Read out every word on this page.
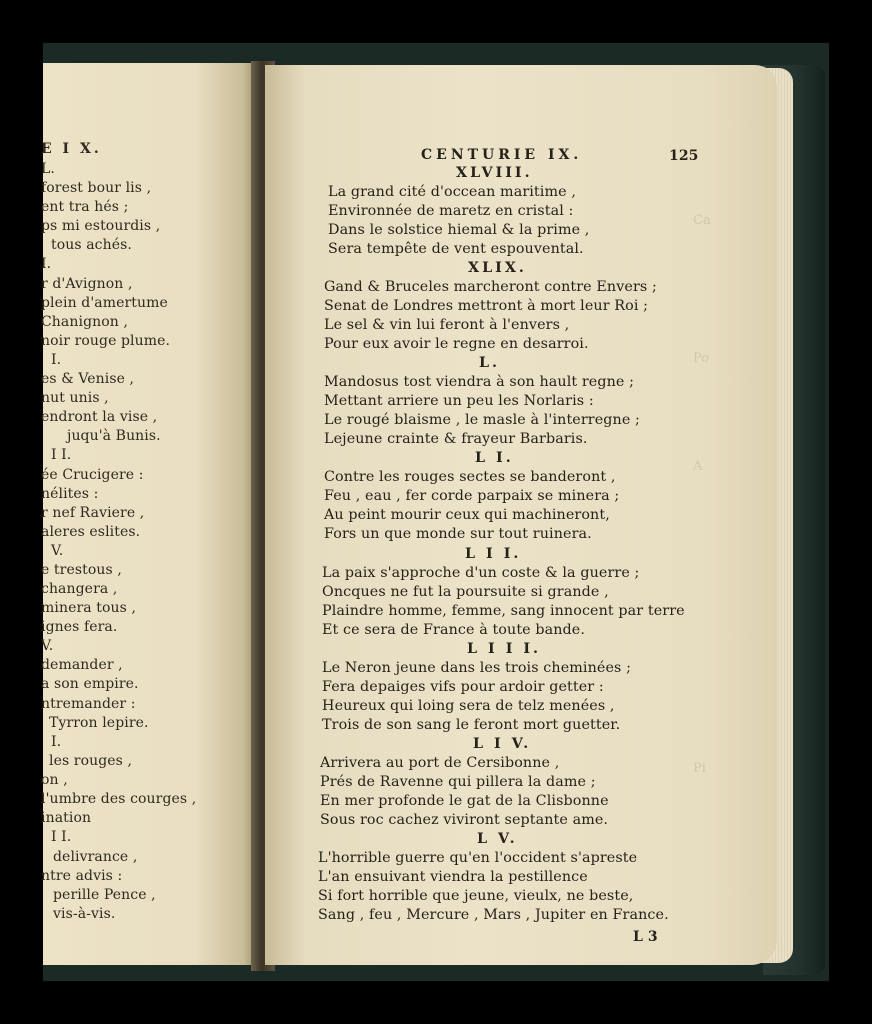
E I X.
L.
forest bour lis ,
ent tra hés ;
ps mi estourdis ,
tous achés.
I.
r d'Avignon ,
plein d'amertume
Chanignon ,
noir rouge plume.
I.
es & Venise ,
nut unis ,
endront la vise ,
juqu'à Bunis.
I I.
ée Crucigere :
nélites :
r nef Raviere ,
aleres eslites.
V.
e trestous ,
changera ,
minera tous ,
ignes fera.
V.
demander ,
a son empire.
ntremander :
Tyrron lepire.
I.
les rouges ,
on ,
l'umbre des courges ,
ination
I I.
delivrance ,
ntre advis :
perille Pence ,
vis-à-vis.
Ca
Po
A
Pi
CENTURIE IX.	125
XLVIII.
La grand cité d'occean maritime ,
Environnée de maretz en cristal :
Dans le solstice hiemal & la prime ,
Sera tempête de vent espouvental.
XLIX.
Gand & Bruceles marcheront contre Envers ;
Senat de Londres mettront à mort leur Roi ;
Le sel & vin lui feront à l'envers ,
Pour eux avoir le regne en desarroi.
L.
Mandosus tost viendra à son hault regne ;
Mettant arriere un peu les Norlaris :
Le rougé blaisme , le masle à l'interregne ;
Lejeune crainte & frayeur Barbaris.
L I.
Contre les rouges sectes se banderont ,
Feu , eau , fer corde parpaix se minera ;
Au peint mourir ceux qui machineront,
Fors un que monde sur tout ruinera.
L I I.
La paix s'approche d'un coste & la guerre ;
Oncques ne fut la poursuite si grande ,
Plaindre homme, femme, sang innocent par terre
Et ce sera de France à toute bande.
L I I I.
Le Neron jeune dans les trois cheminées ;
Fera depaiges vifs pour ardoir getter :
Heureux qui loing sera de telz menées ,
Trois de son sang le feront mort guetter.
L I V.
Arrivera au port de Cersibonne ,
Prés de Ravenne qui pillera la dame ;
En mer profonde le gat de la Clisbonne
Sous roc cachez viviront septante ame.
L V.
L'horrible guerre qu'en l'occident s'apreste
L'an ensuivant viendra la pestillence
Si fort horrible que jeune, vieulx, ne beste,
Sang , feu , Mercure , Mars , Jupiter en France.
L 3
